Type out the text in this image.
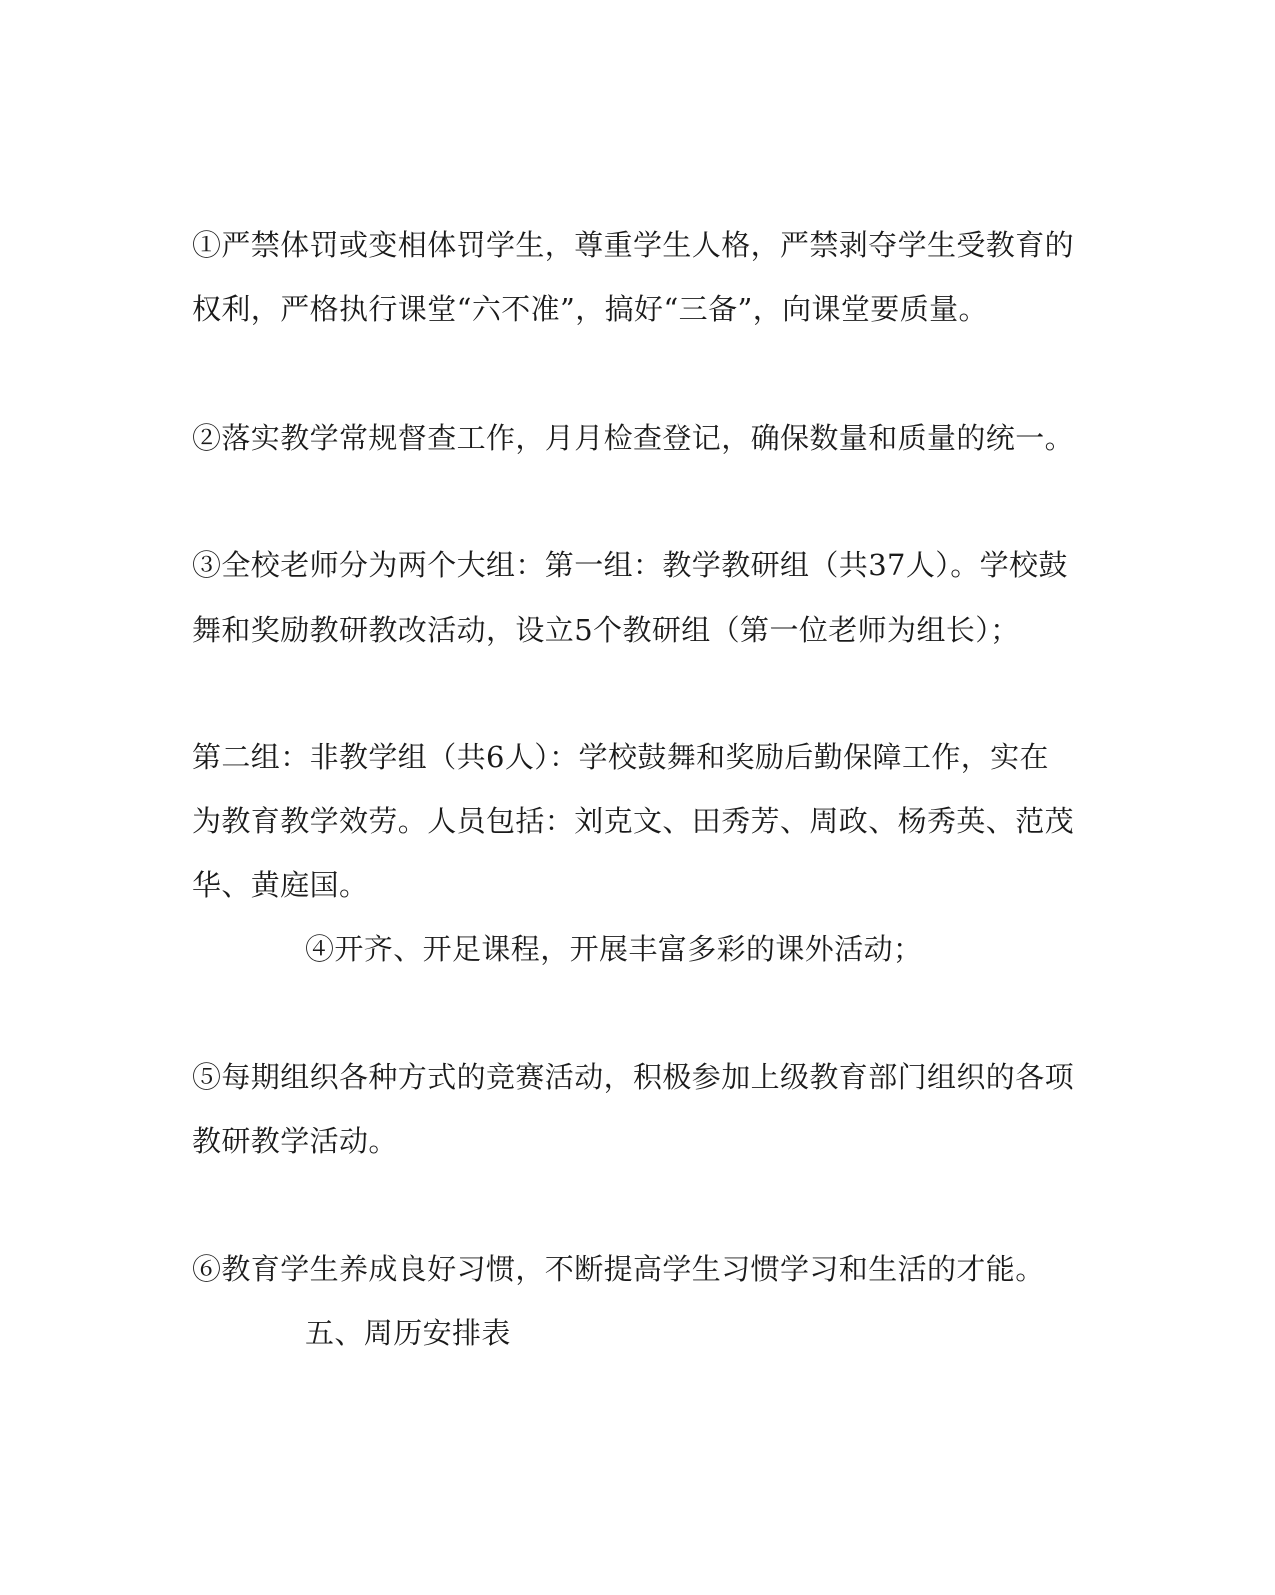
①严禁体罚或变相体罚学生，尊重学生人格，严禁剥夺学生受教育的
权利，严格执行课堂“六不准”，搞好“三备”，向课堂要质量。
②落实教学常规督查工作，月月检查登记，确保数量和质量的统一。
③全校老师分为两个大组：第一组：教学教研组（共37人）。学校鼓
舞和奖励教研教改活动，设立5个教研组（第一位老师为组长）；
第二组：非教学组（共6人）：学校鼓舞和奖励后勤保障工作，实在
为教育教学效劳。人员包括：刘克文、田秀芳、周政、杨秀英、范茂
华、黄庭国。
④开齐、开足课程，开展丰富多彩的课外活动；
⑤每期组织各种方式的竞赛活动，积极参加上级教育部门组织的各项
教研教学活动。
⑥教育学生养成良好习惯，不断提高学生习惯学习和生活的才能。
五、周历安排表
